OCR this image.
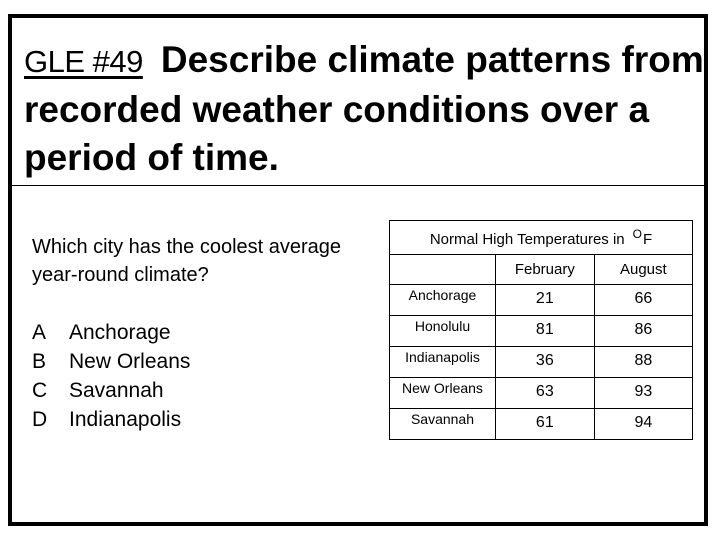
GLE #49 Describe climate patterns from recorded weather conditions over a period of time.
Which city has the coolest average year-round climate?
A	Anchorage
B	New Orleans
C	Savannah
D	Indianapolis
Normal High Temperatures in $^O$F		
	February	August
Anchorage	21	66
Honolulu	81	86
Indianapolis	36	88
New Orleans	63	93
Savannah	61	94
